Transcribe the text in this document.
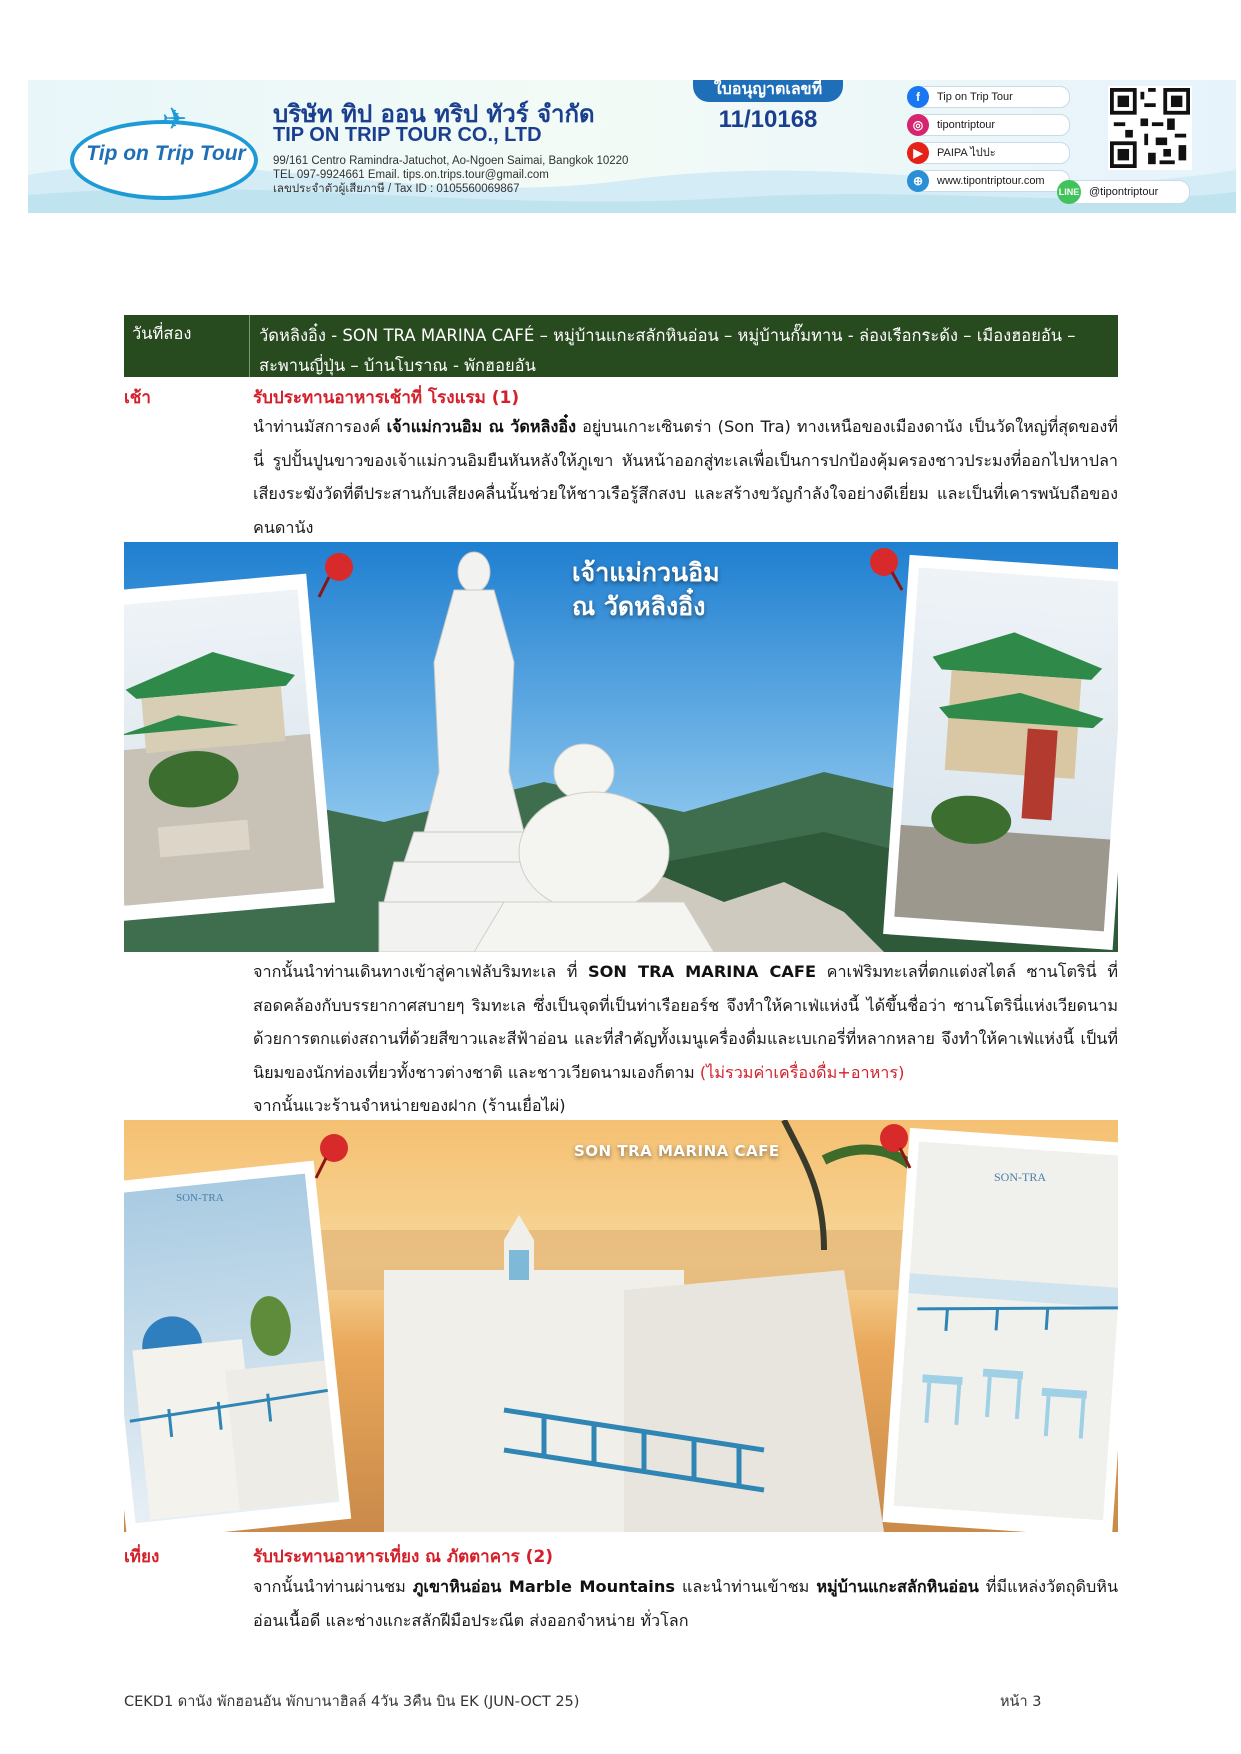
✈
Tip on Trip Tour
บริษัท ทิป ออน ทริป ทัวร์ จำกัด
TIP ON TRIP TOUR CO., LTD
99/161 Centro Ramindra-Jatuchot, Ao-Ngoen Saimai, Bangkok 10220
TEL 097-9924661 Email. tips.on.trips.tour@gmail.com
เลขประจำตัวผู้เสียภาษี / Tax ID : 0105560069867
ใบอนุญาตเลขที่
11/10168
f	Tip on Trip Tour
◎	tipontriptour
▶	PAIPA ไปปะ
⊕	www.tipontriptour.com
LINE @tipontriptour
วันที่สอง	วัดหลิงอิ๋ง - SON TRA MARINA CAFÉ – หมู่บ้านแกะสลักหินอ่อน – หมู่บ้านกั๊มทาน - ล่องเรือกระด้ง – เมืองฮอยอัน – สะพานญี่ปุ่น – บ้านโบราณ - พักฮอยอัน
เช้า	รับประทานอาหารเช้าที่ โรงแรม (1)
นำท่านมัสการองค์ เจ้าแม่กวนอิม ณ วัดหลิงอิ๋ง อยู่บนเกาะเซินตร่า (Son Tra) ทางเหนือของเมืองดานัง เป็นวัดใหญ่ที่สุดของที่นี่ รูปปั้นปูนขาวของเจ้าแม่กวนอิมยืนหันหลังให้ภูเขา หันหน้าออกสู่ทะเลเพื่อเป็นการปกป้องคุ้มครองชาวประมงที่ออกไปหาปลา เสียงระฆังวัดที่ตีประสานกับเสียงคลื่นนั้นช่วยให้ชาวเรือรู้สึกสงบ และสร้างขวัญกำลังใจอย่างดีเยี่ยม และเป็นที่เคารพนับถือของคนดานัง
เจ้าแม่กวนอิม
ณ วัดหลิงอิ๋ง
จากนั้นนำท่านเดินทางเข้าสู่คาเฟ่ลับริมทะเล ที่ SON TRA MARINA CAFE คาเฟ่ริมทะเลที่ตกแต่งสไตล์ ซานโตรินี่ ที่สอดคล้องกับบรรยากาศสบายๆ ริมทะเล ซึ่งเป็นจุดที่เป็นท่าเรือยอร์ช จึงทำให้คาเฟ่แห่งนี้ ได้ขึ้นชื่อว่า ซานโตรินี่แห่งเวียดนาม ด้วยการตกแต่งสถานที่ด้วยสีขาวและสีฟ้าอ่อน และที่สำคัญทั้งเมนูเครื่องดื่มและเบเกอรี่ที่หลากหลาย จึงทำให้คาเฟ่แห่งนี้ เป็นที่นิยมของนักท่องเที่ยวทั้งชาวต่างชาติ และชาวเวียดนามเองก็ตาม (ไม่รวมค่าเครื่องดื่ม+อาหาร)
จากนั้นแวะร้านจำหน่ายของฝาก (ร้านเยื่อไผ่)
SON TRA MARINA CAFE
SON-TRA
SON-TRA
เที่ยง	รับประทานอาหารเที่ยง ณ ภัตตาคาร (2)
จากนั้นนำท่านผ่านชม ภูเขาหินอ่อน Marble Mountains และนำท่านเข้าชม หมู่บ้านแกะสลักหินอ่อน ที่มีแหล่งวัตถุดิบหินอ่อนเนื้อดี และช่างแกะสลักฝีมือประณีต ส่งออกจำหน่าย ทั่วโลก
CEKD1 ดานัง พักฮอนอัน พักบานาฮิลล์ 4วัน 3คืน บิน EK (JUN-OCT 25)	หน้า 3
